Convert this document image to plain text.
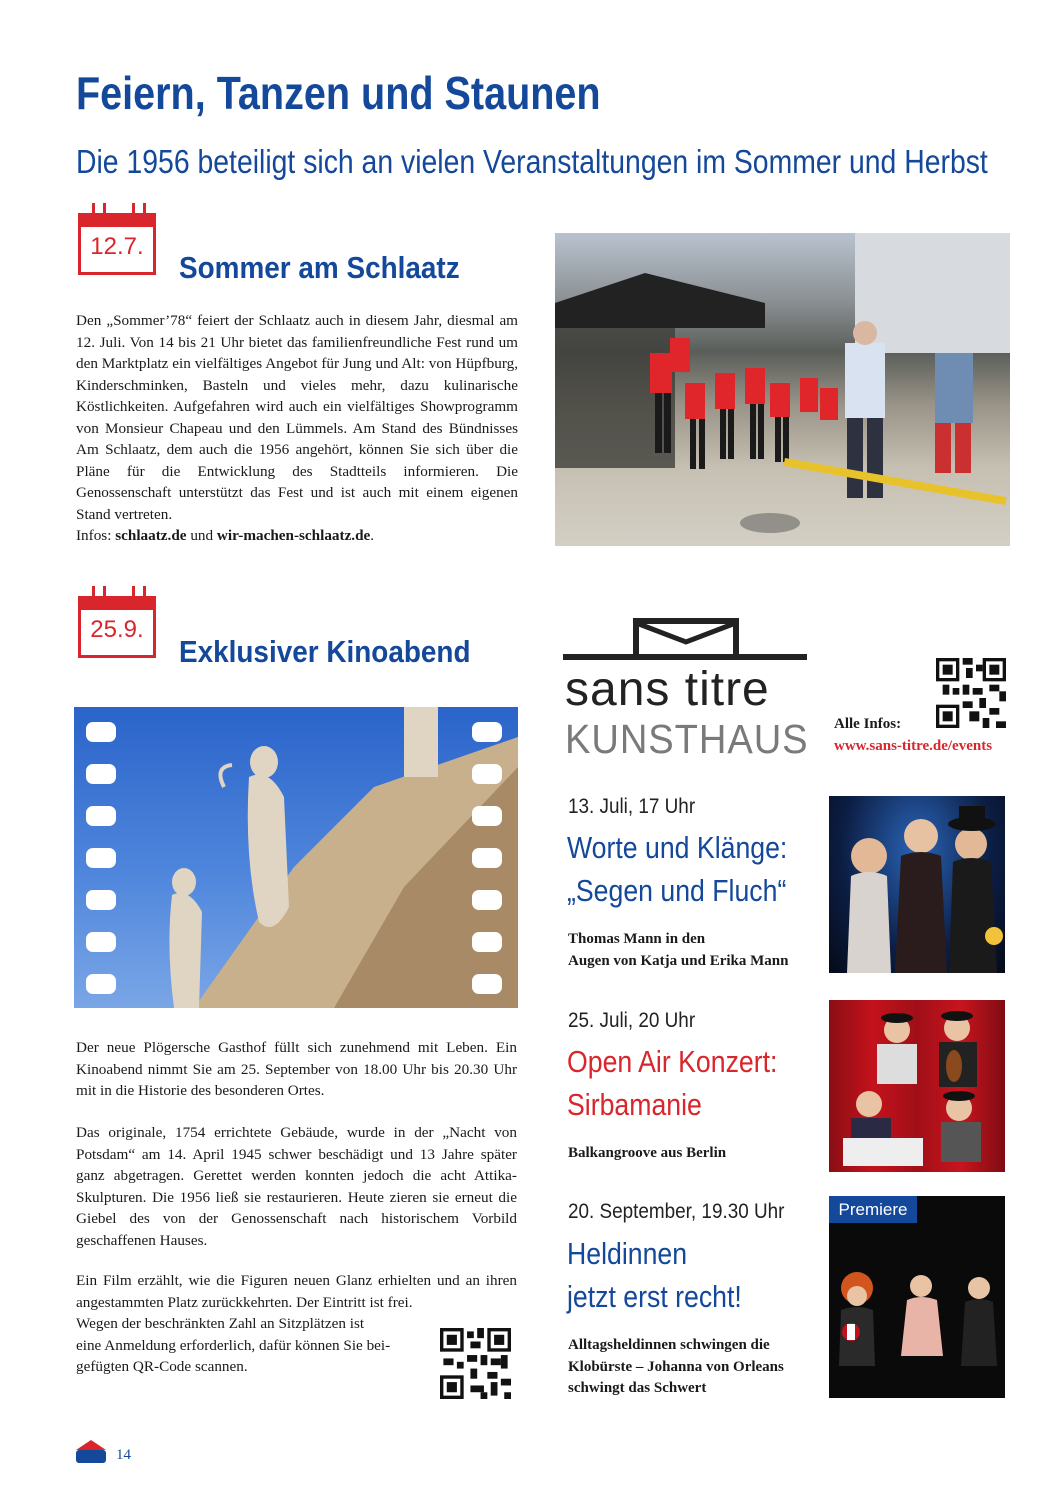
Feiern, Tanzen und Staunen
Die 1956 beteiligt sich an vielen Veranstaltungen im Sommer und Herbst
12.7.
Sommer am Schlaatz
Den „Sommer’78“ feiert der Schlaatz auch in diesem Jahr, diesmal am 12. Juli. Von 14 bis 21 Uhr bietet das familienfreundliche Fest rund um den Marktplatz ein vielfältiges Angebot für Jung und Alt: von Hüpfburg, Kinderschminken, Basteln und vieles mehr, dazu kulinarische Köstlichkeiten. Aufgefahren wird auch ein vielfältiges Showprogramm von Monsieur Chapeau und den Lümmels. Am Stand des Bündnisses Am Schlaatz, dem auch die 1956 angehört, können Sie sich über die Pläne für die Entwicklung des Stadtteils informieren. Die Genossenschaft unterstützt das Fest und ist auch mit einem eigenen Stand vertreten.
Infos: schlaatz.de und wir-machen-schlaatz.de.
25.9.
Exklusiver Kinoabend
Der neue Plögersche Gasthof füllt sich zunehmend mit Leben. Ein Kinoabend nimmt Sie am 25. September von 18.00 Uhr bis 20.30 Uhr mit in die Historie des besonderen Ortes.
Das originale, 1754 errichtete Gebäude, wurde in der „Nacht von Potsdam“ am 14. April 1945 schwer beschädigt und 13 Jahre später ganz abgetragen. Gerettet werden konnten jedoch die acht Attika-Skulpturen. Die 1956 ließ sie restaurieren. Heute zieren sie erneut die Giebel des von der Genossenschaft nach historischem Vorbild geschaffenen Hauses.
Ein Film erzählt, wie die Figuren neuen Glanz erhielten und an ihren angestammten Platz zurückkehrten. Der Eintritt ist frei.
Wegen der beschränkten Zahl an Sitzplätzen ist
eine Anmeldung erforderlich, dafür können Sie bei-
gefügten QR-Code scannen.
sans titre
KUNSTHAUS Alle Infos:
www.sans-titre.de/events
13. Juli, 17 Uhr
Worte und Klänge:
„Segen und Fluch“
Thomas Mann in den
Augen von Katja und Erika Mann
25. Juli, 20 Uhr
Open Air Konzert:
Sirbamanie
Balkangroove aus Berlin
20. September, 19.30 Uhr
Heldinnen
jetzt erst recht!
Alltagsheldinnen schwingen die
Klobürste – Johanna von Orleans
schwingt das Schwert
Premiere
14
